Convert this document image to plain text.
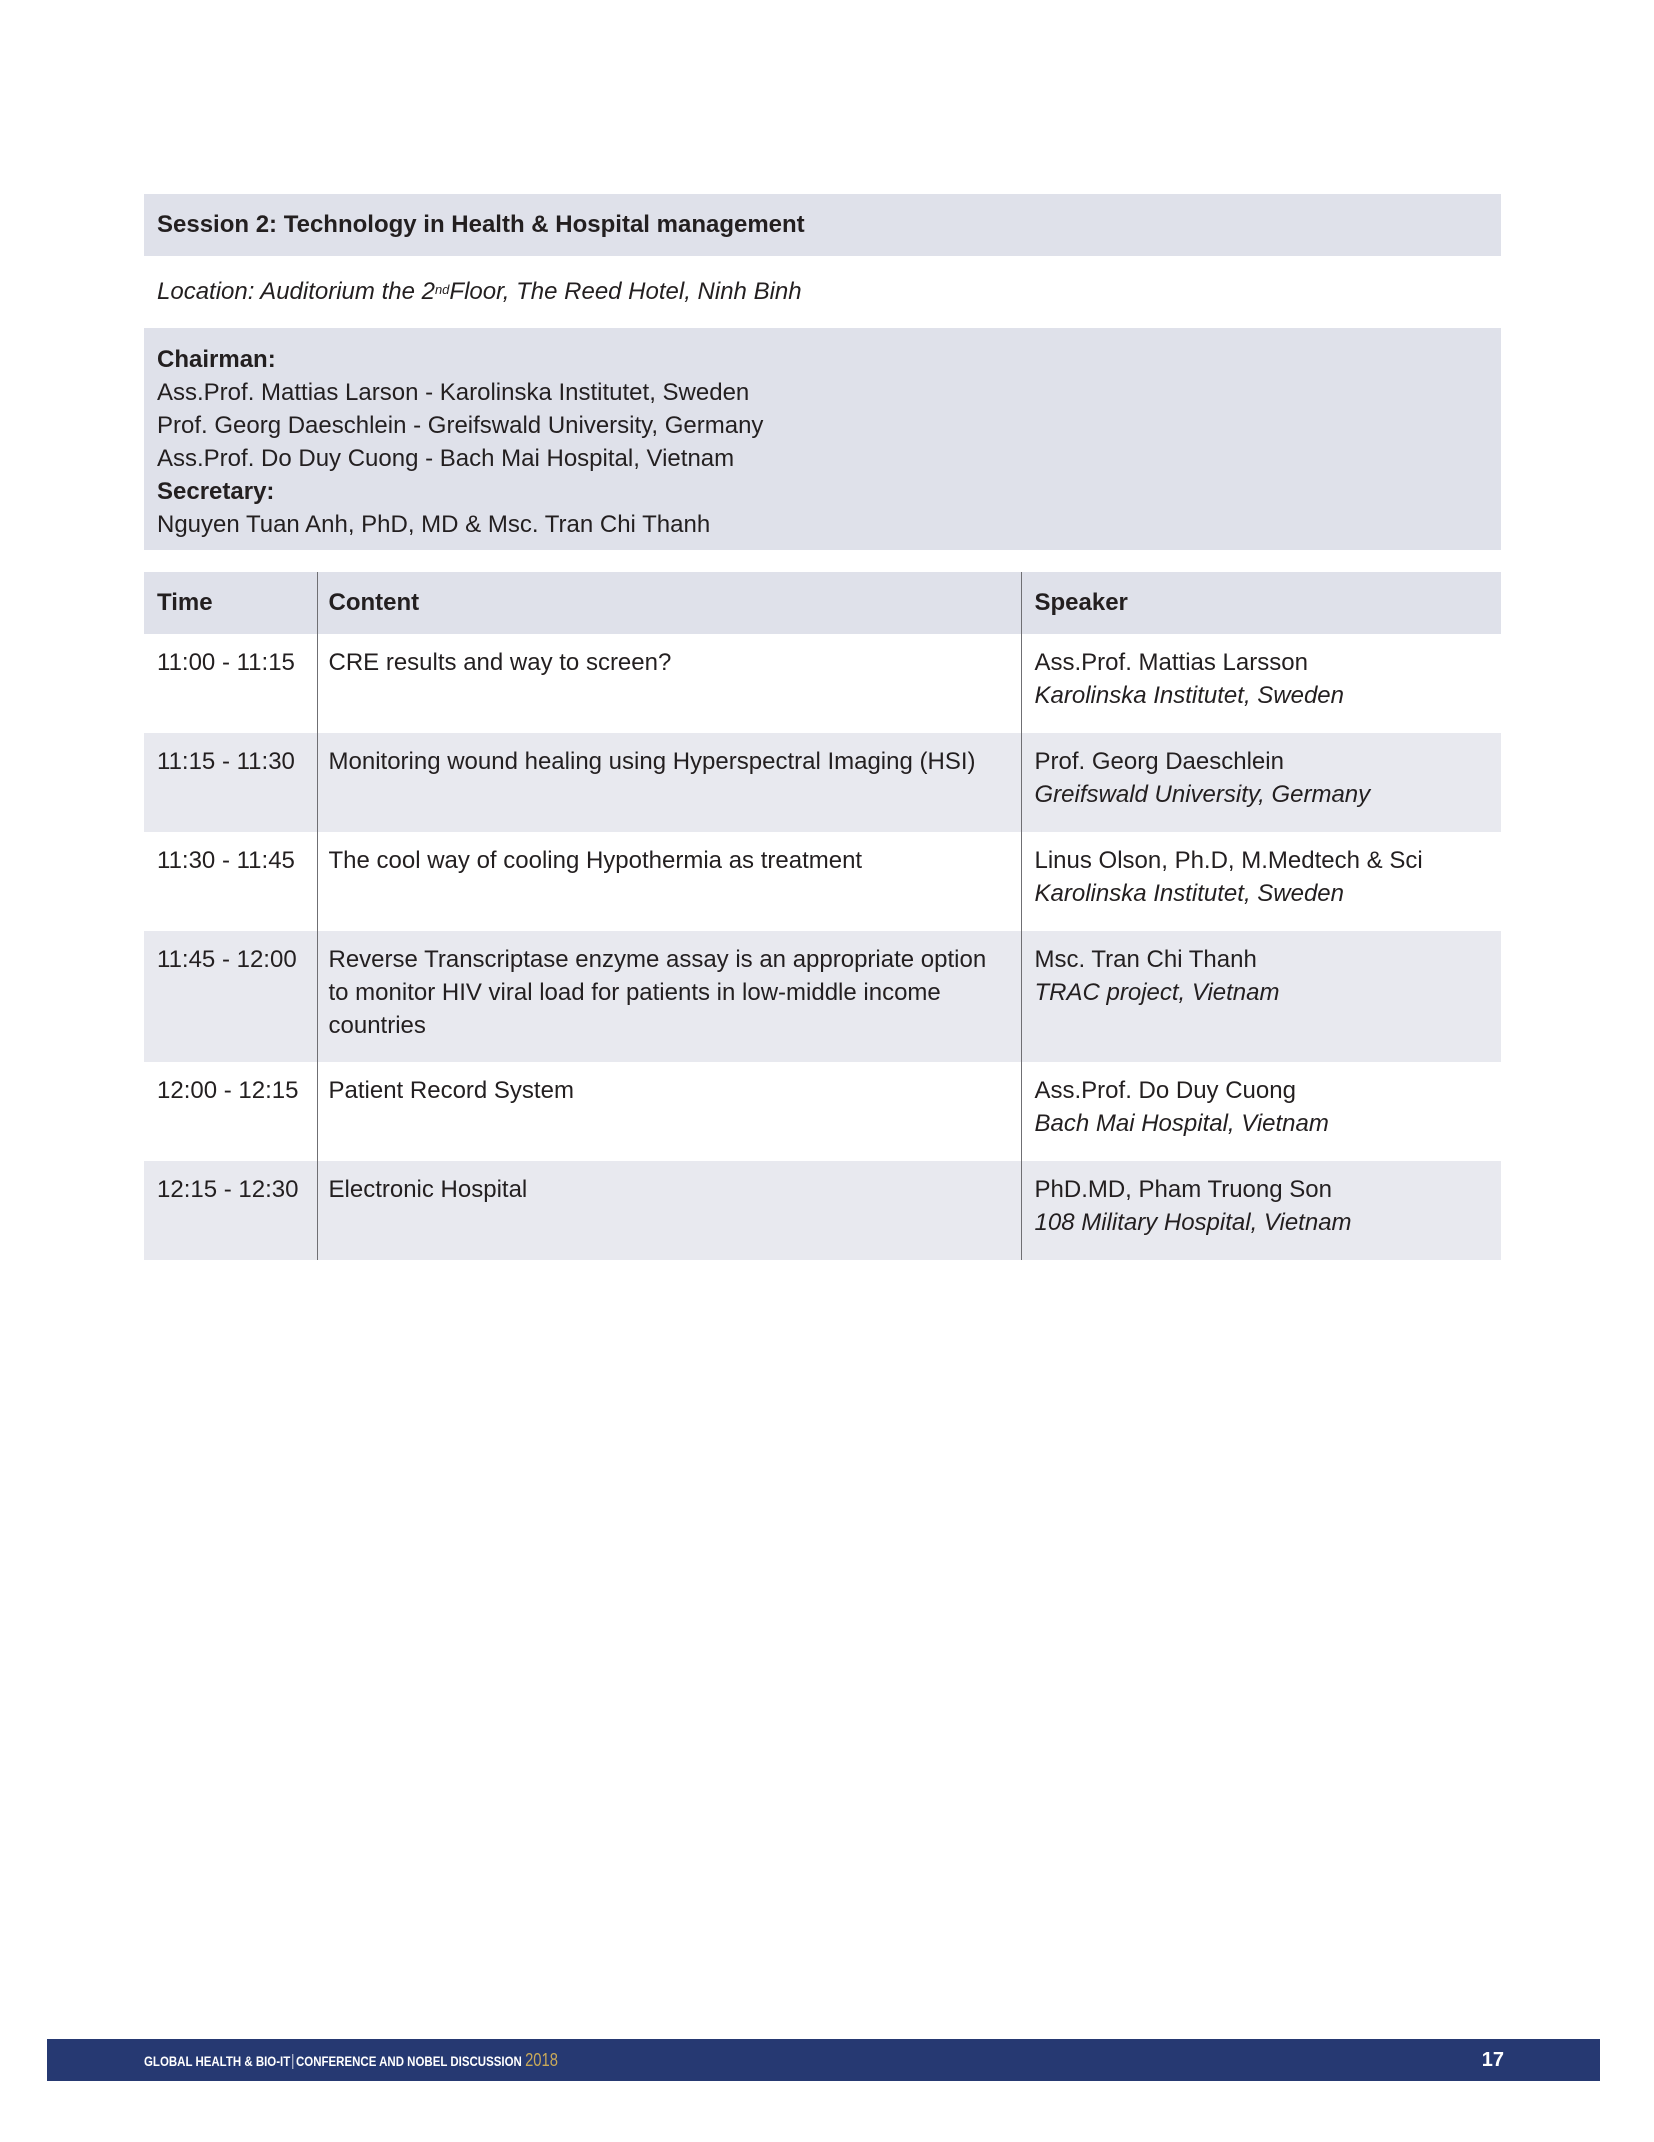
Session 2: Technology in Health & Hospital management
Location: Auditorium the 2nd Floor, The Reed Hotel, Ninh Binh
Chairman:
Ass.Prof. Mattias Larson - Karolinska Institutet, Sweden
Prof. Georg Daeschlein - Greifswald University, Germany
Ass.Prof. Do Duy Cuong - Bach Mai Hospital, Vietnam
Secretary:
Nguyen Tuan Anh, PhD, MD & Msc. Tran Chi Thanh
Time	Content	Speaker
11:00 - 11:15	CRE results and way to screen?	Ass.Prof. Mattias Larsson
Karolinska Institutet, Sweden

11:15 - 11:30	Monitoring wound healing using Hyperspectral Imaging (HSI)	Prof. Georg Daeschlein
Greifswald University, Germany

11:30 - 11:45	The cool way of cooling Hypothermia as treatment	Linus Olson, Ph.D, M.Medtech & Sci
Karolinska Institutet, Sweden

11:45 - 12:00	Reverse Transcriptase enzyme assay is an appropriate option to monitor HIV viral load for patients in low-middle income countries	Msc. Tran Chi Thanh
TRAC project, Vietnam

12:00 - 12:15	Patient Record System	Ass.Prof. Do Duy Cuong
Bach Mai Hospital, Vietnam

12:15 - 12:30	Electronic Hospital	PhD.MD, Pham Truong Son
108 Military Hospital, Vietnam
GLOBAL HEALTH & BIO-IT CONFERENCE AND NOBEL DISCUSSION 2018	17
